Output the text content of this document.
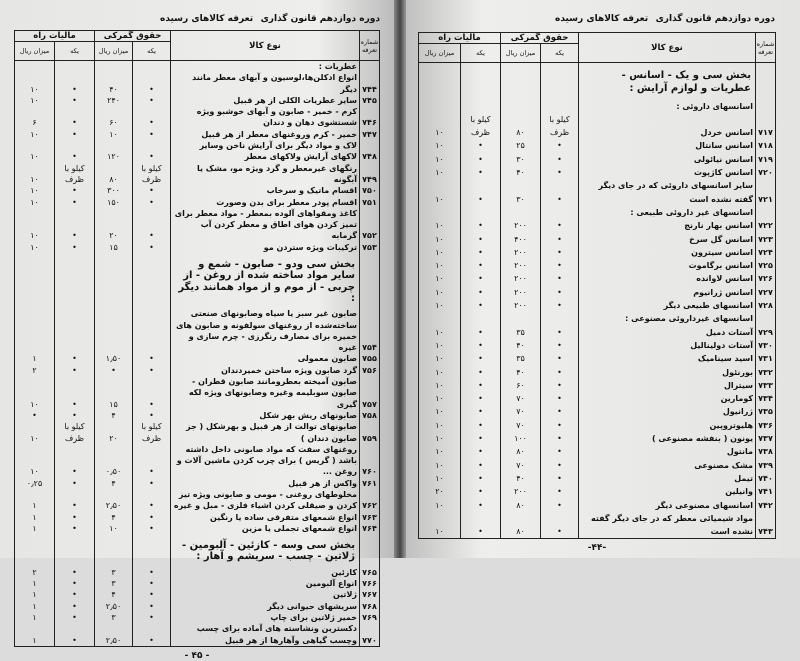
دوره دوازدهم قانون گذاری
تعرفه کالاهای رسیده	دوره دوازدهم قانون گذاری
تعرفه کالاهای رسیده
شماره تعرفه	نوع کالا	حقوق گمرکی		مالیات راه	
		یکه	میزان ریال	یکه	میزان ریال
	عطریات :				
۷۴۴	انواع ادکلن‌ها،لوسیون و آبهای معطر مانند دیگر	•	۴۰	•	۱۰
۷۴۵	سایر عطریات الکلی از هر قبیل	•	۲۴۰	•	۱۰
۷۴۶	کرم - خمیر - صابون و آبهای خوشبو ویژه شستشوی دهان و دندان	•	۶۰	•	۶
۷۴۷	خمیر - کرم وروغنهای معطر از هر قبیل	•	۱۰	•	۱۰
۷۴۸	لاک و مواد دیگر برای آرایش ناخن وسایر لاکهای آرایش ولاکهای معطر	•	۱۲۰	•	۱۰
۷۴۹	رنگهای غیرمعطر و گرد ویژه مو، مشک یا آبگونه	کیلو با ظرف	۸۰	کیلو با ظرف	۱۰
۷۵۰	اقسام ماتیک و سرخاب	•	۳۰۰	•	۱۰
۷۵۱	اقسام پودر معطر برای بدن وصورت	•	۱۵۰	•	۱۰
۷۵۲	کاغذ ومقواهای آلوده بمعطر - مواد معطر برای تمیز کردن هوای اطاق و معطر کردن آب گرمابه	•	۲۰	•	۱۰
۷۵۳	ترکیبات ویژه ستردن مو	•	۱۵	•	۱۰
	بخش سی ودو - صابون - شمع و سایر مواد ساخته شده از روغن - از چربی - از موم و از مواد همانند دیگر :				
۷۵۴	صابون غیر سبز یا سیاه وصابونهای صنعتی ساخته‌شده از روغنهای سولفونه و صابون های خمیره برای مصارف رنگرزی - چرم سازی و غیره				
۷۵۵	صابون معمولی	•	۱٫۵۰	•	۱
۷۵۶	گرد صابون ویژه ساختن خمیردندان	•	•	•	۲
۷۵۷	صابون آمیخته بعطرومانند صابون قطران - صابون سوبلیمه وغیره وصابونهای ویژه لکه گیری	•	۱۵	•	۱۰
۷۵۸	صابونهای ریش بهر شکل	•	۴	•	•
۷۵۹	صابونهای توالت از هر قبیل و بهرشکل ( جز صابون دندان )	کیلو با ظرف	۲۰	کیلو با ظرف	۱۰
۷۶۰	روغنهای سفت که مواد صابونی داخل داشته باشد ( گریس ) برای چرب کردن ماشین آلات و روغن ...	•	۰٫۵۰	•	۱۰
۷۶۱	واکس از هر قبیل	•	۴	•	۰٫۲۵
۷۶۲	مخلوطهای روغنی - مومی و صابونی ویژه تیز کردن و صیقلی کردن اشیاء فلزی - مبل و غیره	•	۲٫۵۰	•	۱
۷۶۳	انواع شمعهای متفرقی ساده یا رنگین	•	۴	•	۱
۷۶۴	انواع شمعهای تجملی یا مزین	•	۱۰	•	۱
	بخش سی وسه - کازئین - آلبومین - ژلاتین - چسب - سریشم و آهار :				
۷۶۵	کازئین	•	۳	•	۲
۷۶۶	انواع آلبومین	•	۳	•	۱
۷۶۷	ژلاتین	•	۴	•	۱
۷۶۸	سریشهای حیوانی دیگر	•	۲٫۵۰	•	۱
۷۶۹	خمیر ژلاتین برای چاپ	•	۳	•	۱
۷۷۰	دکسترین ونشاسته های آماده برای چسب وچسب گیاهی وآهارها از هر قبیل	•	۲٫۵۰	•	۱
- ۴۵ -
شماره تعرفه	نوع کالا	حقوق گمرکی		مالیات راه	
		یکه	میزان ریال	یکه	میزان ریال
	بخش سی و یک - اسانس - عطریات و لوازم آرایش :				
	اسانسهای داروئی :				
۷۱۷	اسانس خردل	کیلو با ظرف	۸۰	کیلو با ظرف	۱۰
۷۱۸	اسانس سانتال	•	۲۵	•	۱۰
۷۱۹	اسانس نیائولی	•	۳۰	•	۱۰
۷۲۰	اسانس کاژپوت	•	۴۰	•	۱۰
۷۲۱	سایر اسانسهای داروئی که در جای دیگر گفته نشده است	•	۳۰	•	۱۰
	اسانسهای غیر داروئی طبیعی :				
۷۲۲	اسانس بهار نارنج	•	۲۰۰	•	۱۰
۷۲۳	اسانس گل سرخ	•	۴۰۰	•	۱۰
۷۲۴	اسانس سیترون	•	۲۰۰	•	۱۰
۷۲۵	اسانس برگاموت	•	۲۰۰	•	۱۰
۷۲۶	اسانس لاوانده	•	۲۰۰	•	۱۰
۷۲۷	اسانس ژرانیوم	•	۲۰۰	•	۱۰
۷۲۸	اسانسهای طبیعی دیگر	•	۲۰۰	•	۱۰
	اسانسهای غیرداروئی مصنوعی :				
۷۲۹	آستات دمیل	•	۳۵	•	۱۰
۷۳۰	آستات دولینالیل	•	۴۰	•	۱۰
۷۳۱	اسید سینامیک	•	۳۵	•	۱۰
۷۳۲	بورنئول	•	۴۰	•	۱۰
۷۳۳	سیترال	•	۶۰	•	۱۰
۷۳۴	کومارین	•	۷۰	•	۱۰
۷۳۵	ژرانیول	•	۷۰	•	۱۰
۷۳۶	هلیوتروپین	•	۷۰	•	۱۰
۷۳۷	یونون ( بنفشه مصنوعی )	•	۱۰۰	•	۱۰
۷۳۸	مانتول	•	۸۰	•	۱۰
۷۳۹	مشک مصنوعی	•	۷۰	•	۱۰
۷۴۰	تیمل	•	۴۰	•	۱۰
۷۴۱	وانیلین	•	۲۰۰	•	۲۰
۷۴۲	اسانسهای مصنوعی دیگر	•	۸۰	•	۱۰
۷۴۳	مواد شیمیائی معطر که در جای دیگر گفته نشده است	•	۸۰	•	۱۰
-۴۴-
